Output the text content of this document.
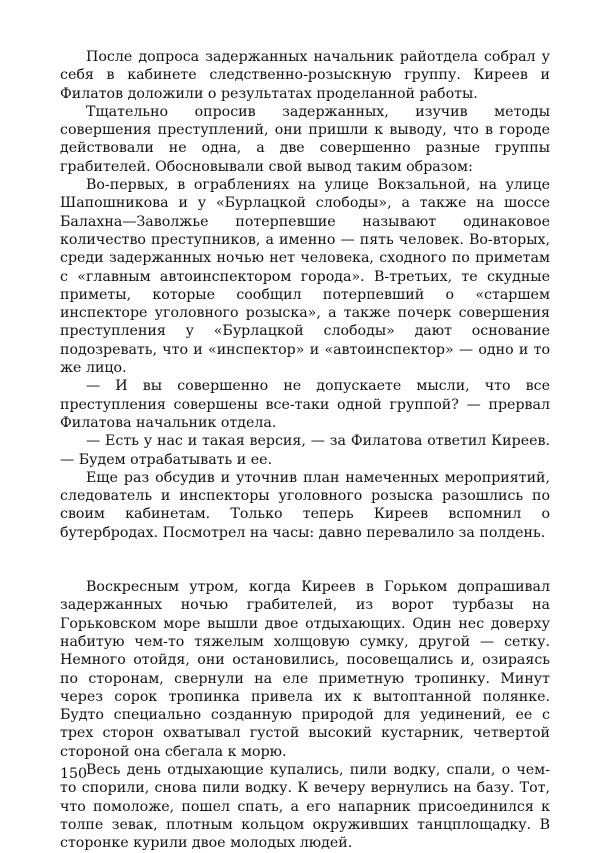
После допроса задержанных начальник райотдела собрал у себя в кабинете следственно-розыскную группу. Киреев и Филатов доложили о результатах проделанной работы.

Тщательно опросив задержанных, изучив методы совершения преступлений, они пришли к выводу, что в городе действовали не одна, а две совершенно разные группы грабителей. Обосновывали свой вывод таким образом:

Во-первых, в ограблениях на улице Вокзальной, на улице Шапошникова и у «Бурлацкой слободы», а также на шоссе Балахна—Заволжье потерпевшие называют одинаковое количество преступников, а именно — пять человек. Во-вторых, среди задержанных ночью нет человека, сходного по приметам с «главным автоинспектором города». В-третьих, те скудные приметы, которые сообщил потерпевший о «старшем инспекторе уголовного розыска», а также почерк совершения преступления у «Бурлацкой слободы» дают основание подозревать, что и «инспектор» и «автоинспектор» — одно и то же лицо.

— И вы совершенно не допускаете мысли, что все преступления совершены все-таки одной группой? — прервал Филатова начальник отдела.

— Есть у нас и такая версия, — за Филатова ответил Киреев. — Будем отрабатывать и ее.

Еще раз обсудив и уточнив план намеченных мероприятий, следователь и инспекторы уголовного розыска разошлись по своим кабинетам. Только теперь Киреев вспомнил о бутербродах. Посмотрел на часы: давно перевалило за полдень.

Воскресным утром, когда Киреев в Горьком допрашивал задержанных ночью грабителей, из ворот турбазы на Горьковском море вышли двое отдыхающих. Один нес доверху набитую чем-то тяжелым холщовую сумку, другой — сетку. Немного отойдя, они остановились, посовещались и, озираясь по сторонам, свернули на еле приметную тропинку. Минут через сорок тропинка привела их к вытоптанной полянке. Будто специально созданную природой для уединений, ее с трех сторон охватывал густой высокий кустарник, четвертой стороной она сбегала к морю.

Весь день отдыхающие купались, пили водку, спали, о чем-то спорили, снова пили водку. К вечеру вернулись на базу. Тот, что помоложе, пошел спать, а его напарник присоединился к толпе зевак, плотным кольцом окруживших танцплощадку. В сторонке курили двое молодых людей.

150
